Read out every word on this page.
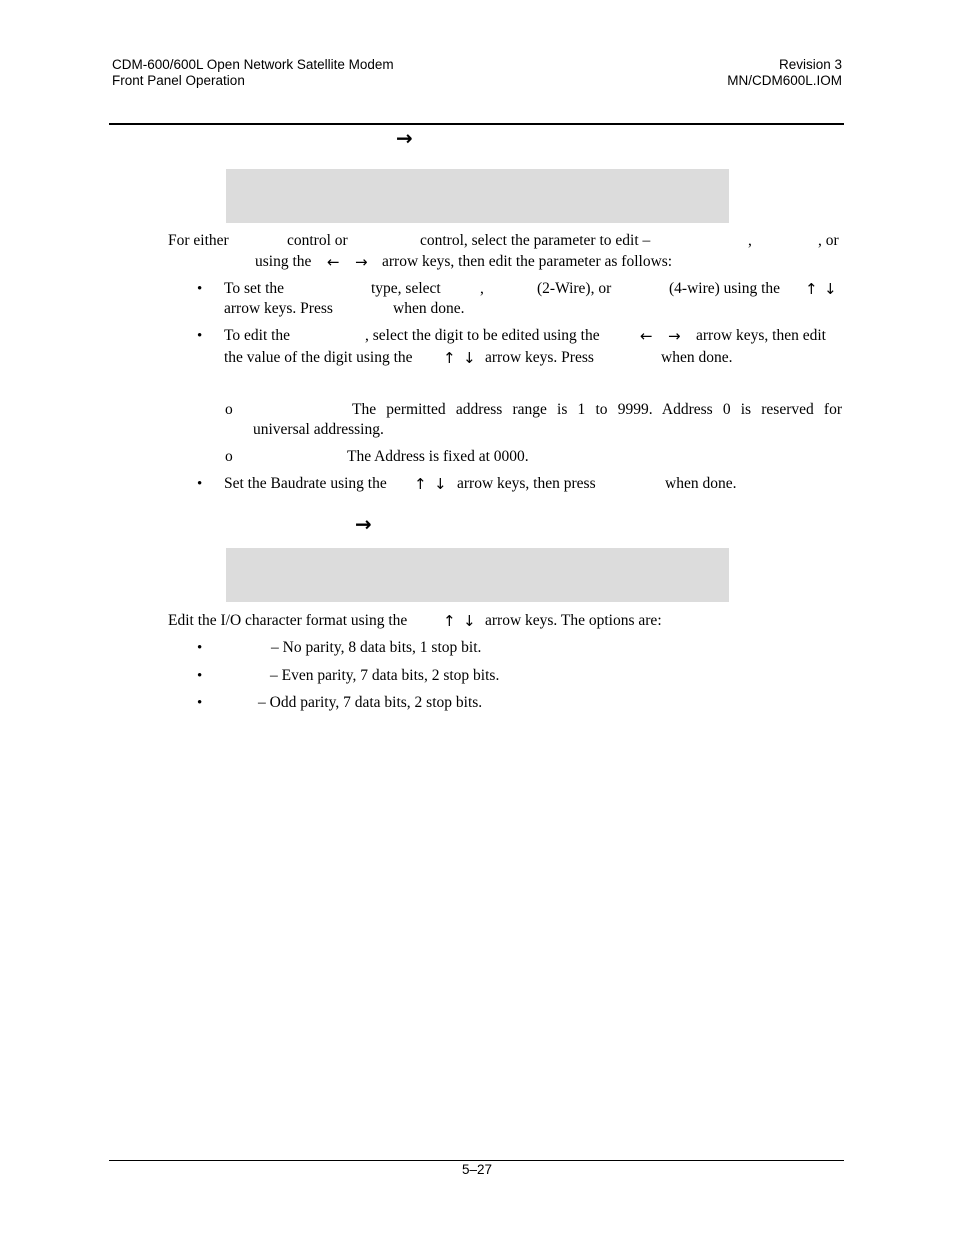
CDM-600/600L Open Network Satellite Modem
Front Panel Operation
Revision 3
MN/CDM600L.IOM
→
For either	control or	control, select the parameter to edit –	,	, or
using the ← → arrow keys, then edit the parameter as follows:
• To set the	type, select	,	(2-Wire), or	(4-wire) using the ↑ ↓
arrow keys. Press	when done.
• To edit the	, select the digit to be edited using the	← → arrow keys, then edit
the value of the digit using the ↑ ↓ arrow keys. Press	when done.
o	The permitted address range is 1 to 9999. Address 0 is reserved for
universal addressing.
o	The Address is fixed at 0000.
• Set the Baudrate using the ↑ ↓ arrow keys, then press	when done.
→
Edit the I/O character format using the ↑ ↓ arrow keys. The options are:
•	– No parity, 8 data bits, 1 stop bit.
•	– Even parity, 7 data bits, 2 stop bits.
•	– Odd parity, 7 data bits, 2 stop bits.
5–27
